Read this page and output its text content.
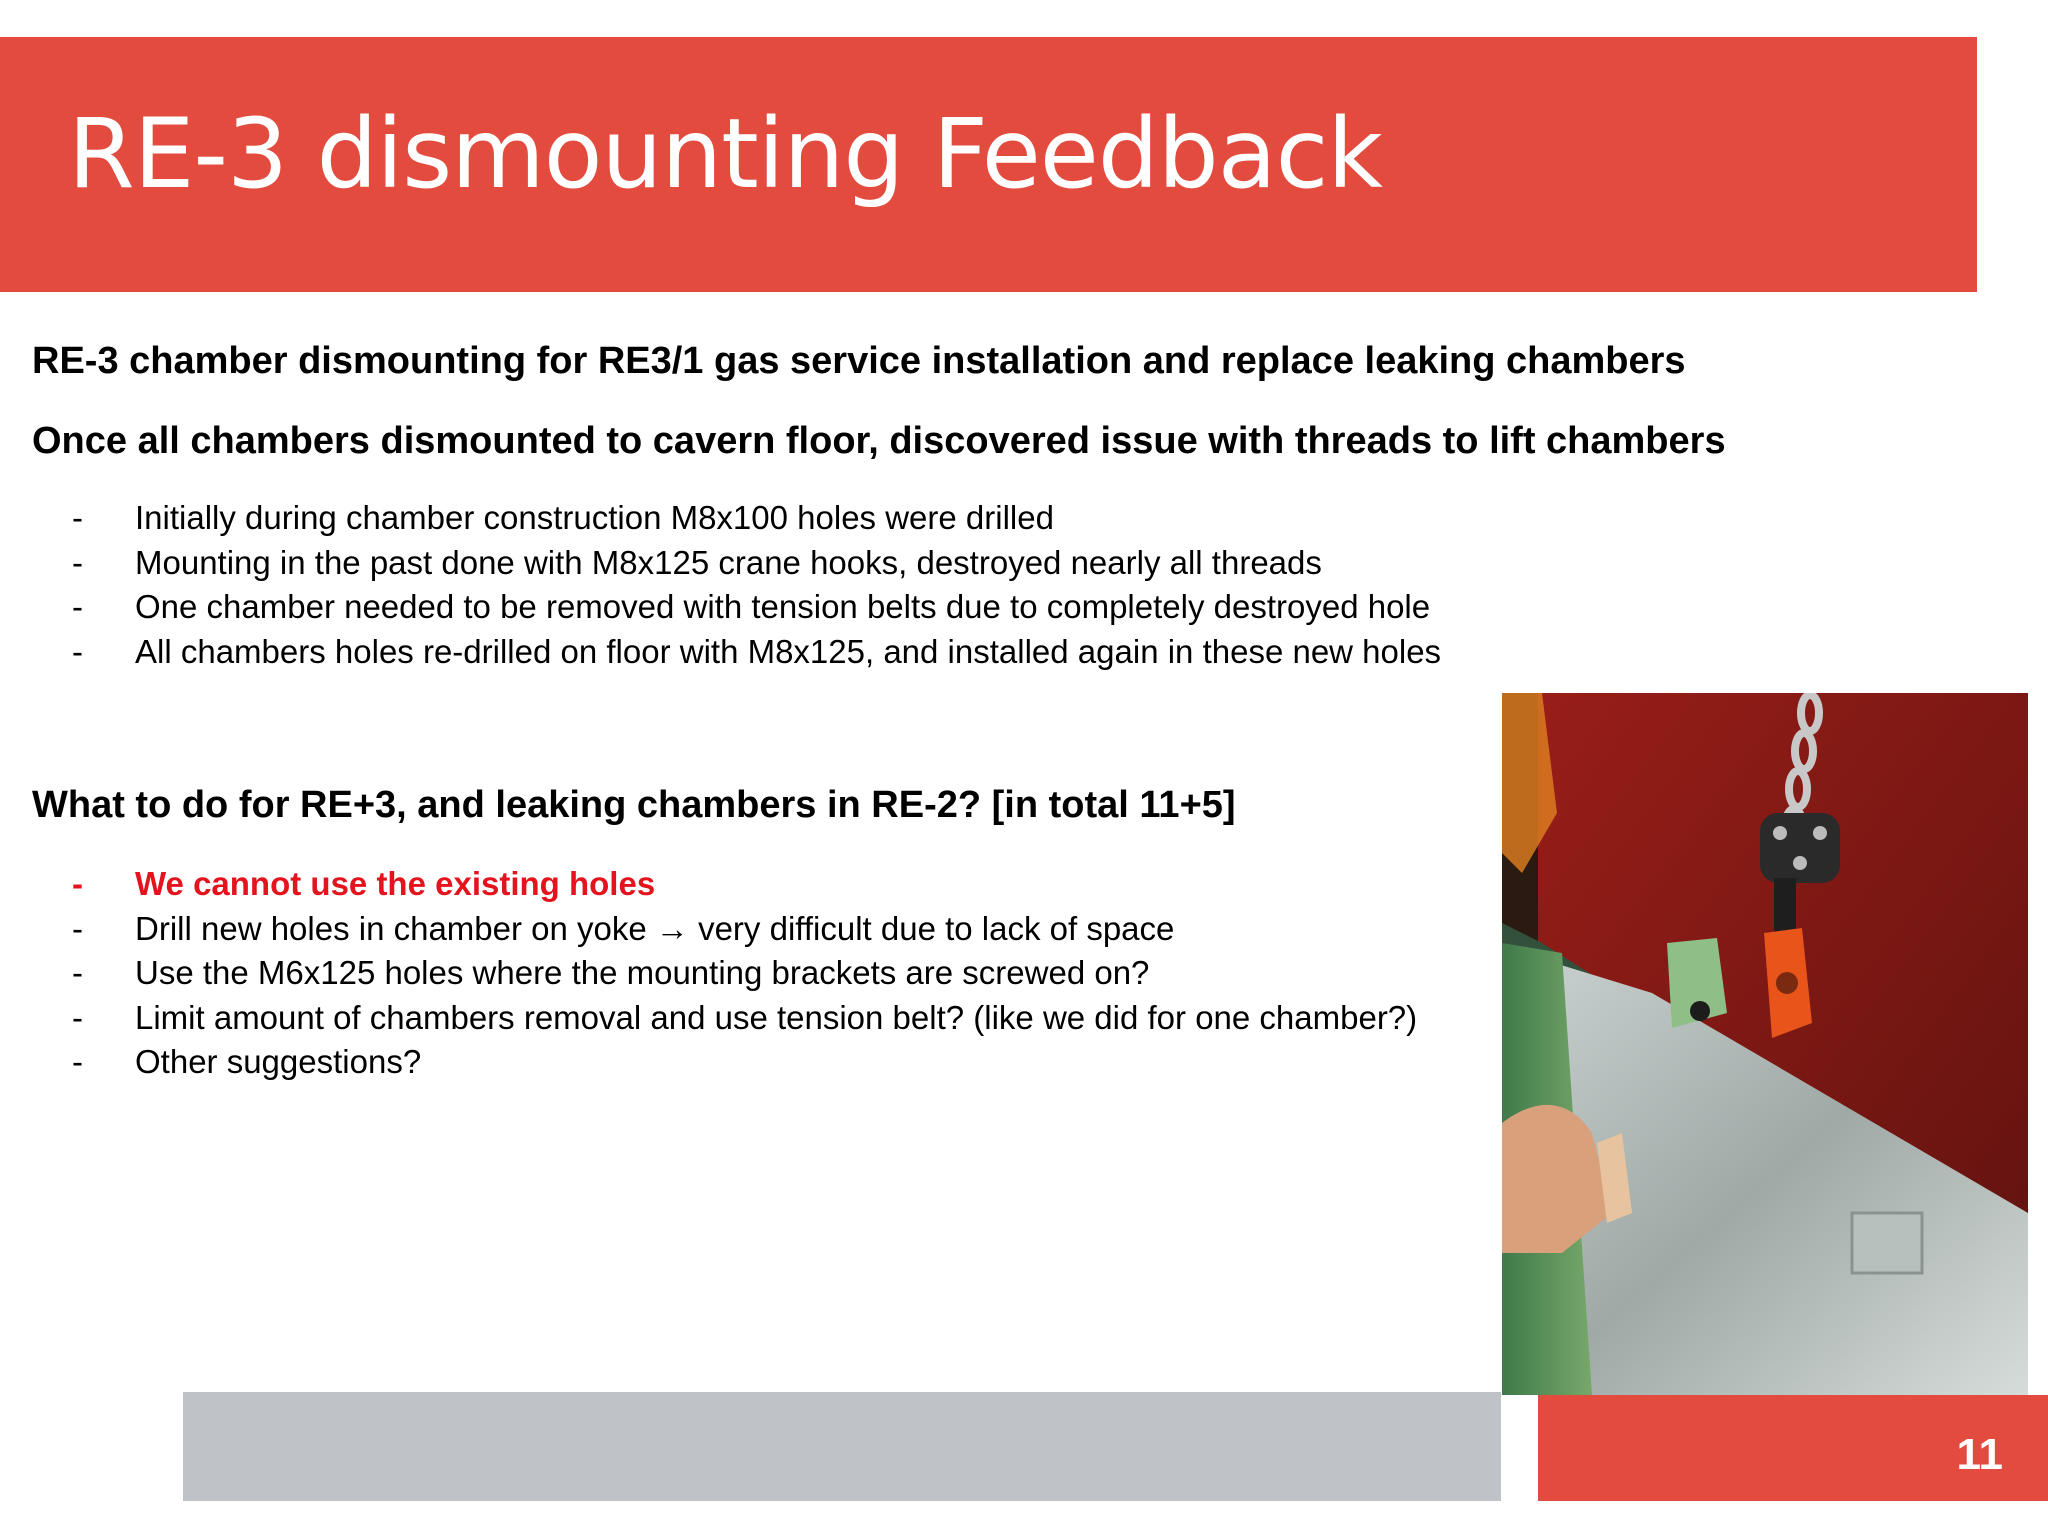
RE-3 dismounting Feedback
RE-3 chamber dismounting for RE3/1 gas service installation and replace leaking chambers
Once all chambers dismounted to cavern floor, discovered issue with threads to lift chambers
- Initially during chamber construction M8x100 holes were drilled
- Mounting in the past done with M8x125 crane hooks, destroyed nearly all threads
- One chamber needed to be removed with tension belts due to completely destroyed hole
- All chambers holes re-drilled on floor with M8x125, and installed again in these new holes
What to do for RE+3, and leaking chambers in RE-2? [in total 11+5]
- We cannot use the existing holes
- Drill new holes in chamber on yoke → very difficult due to lack of space
- Use the M6x125 holes where the mounting brackets are screwed on?
- Limit amount of chambers removal and use tension belt? (like we did for one chamber?)
- Other suggestions?
11
